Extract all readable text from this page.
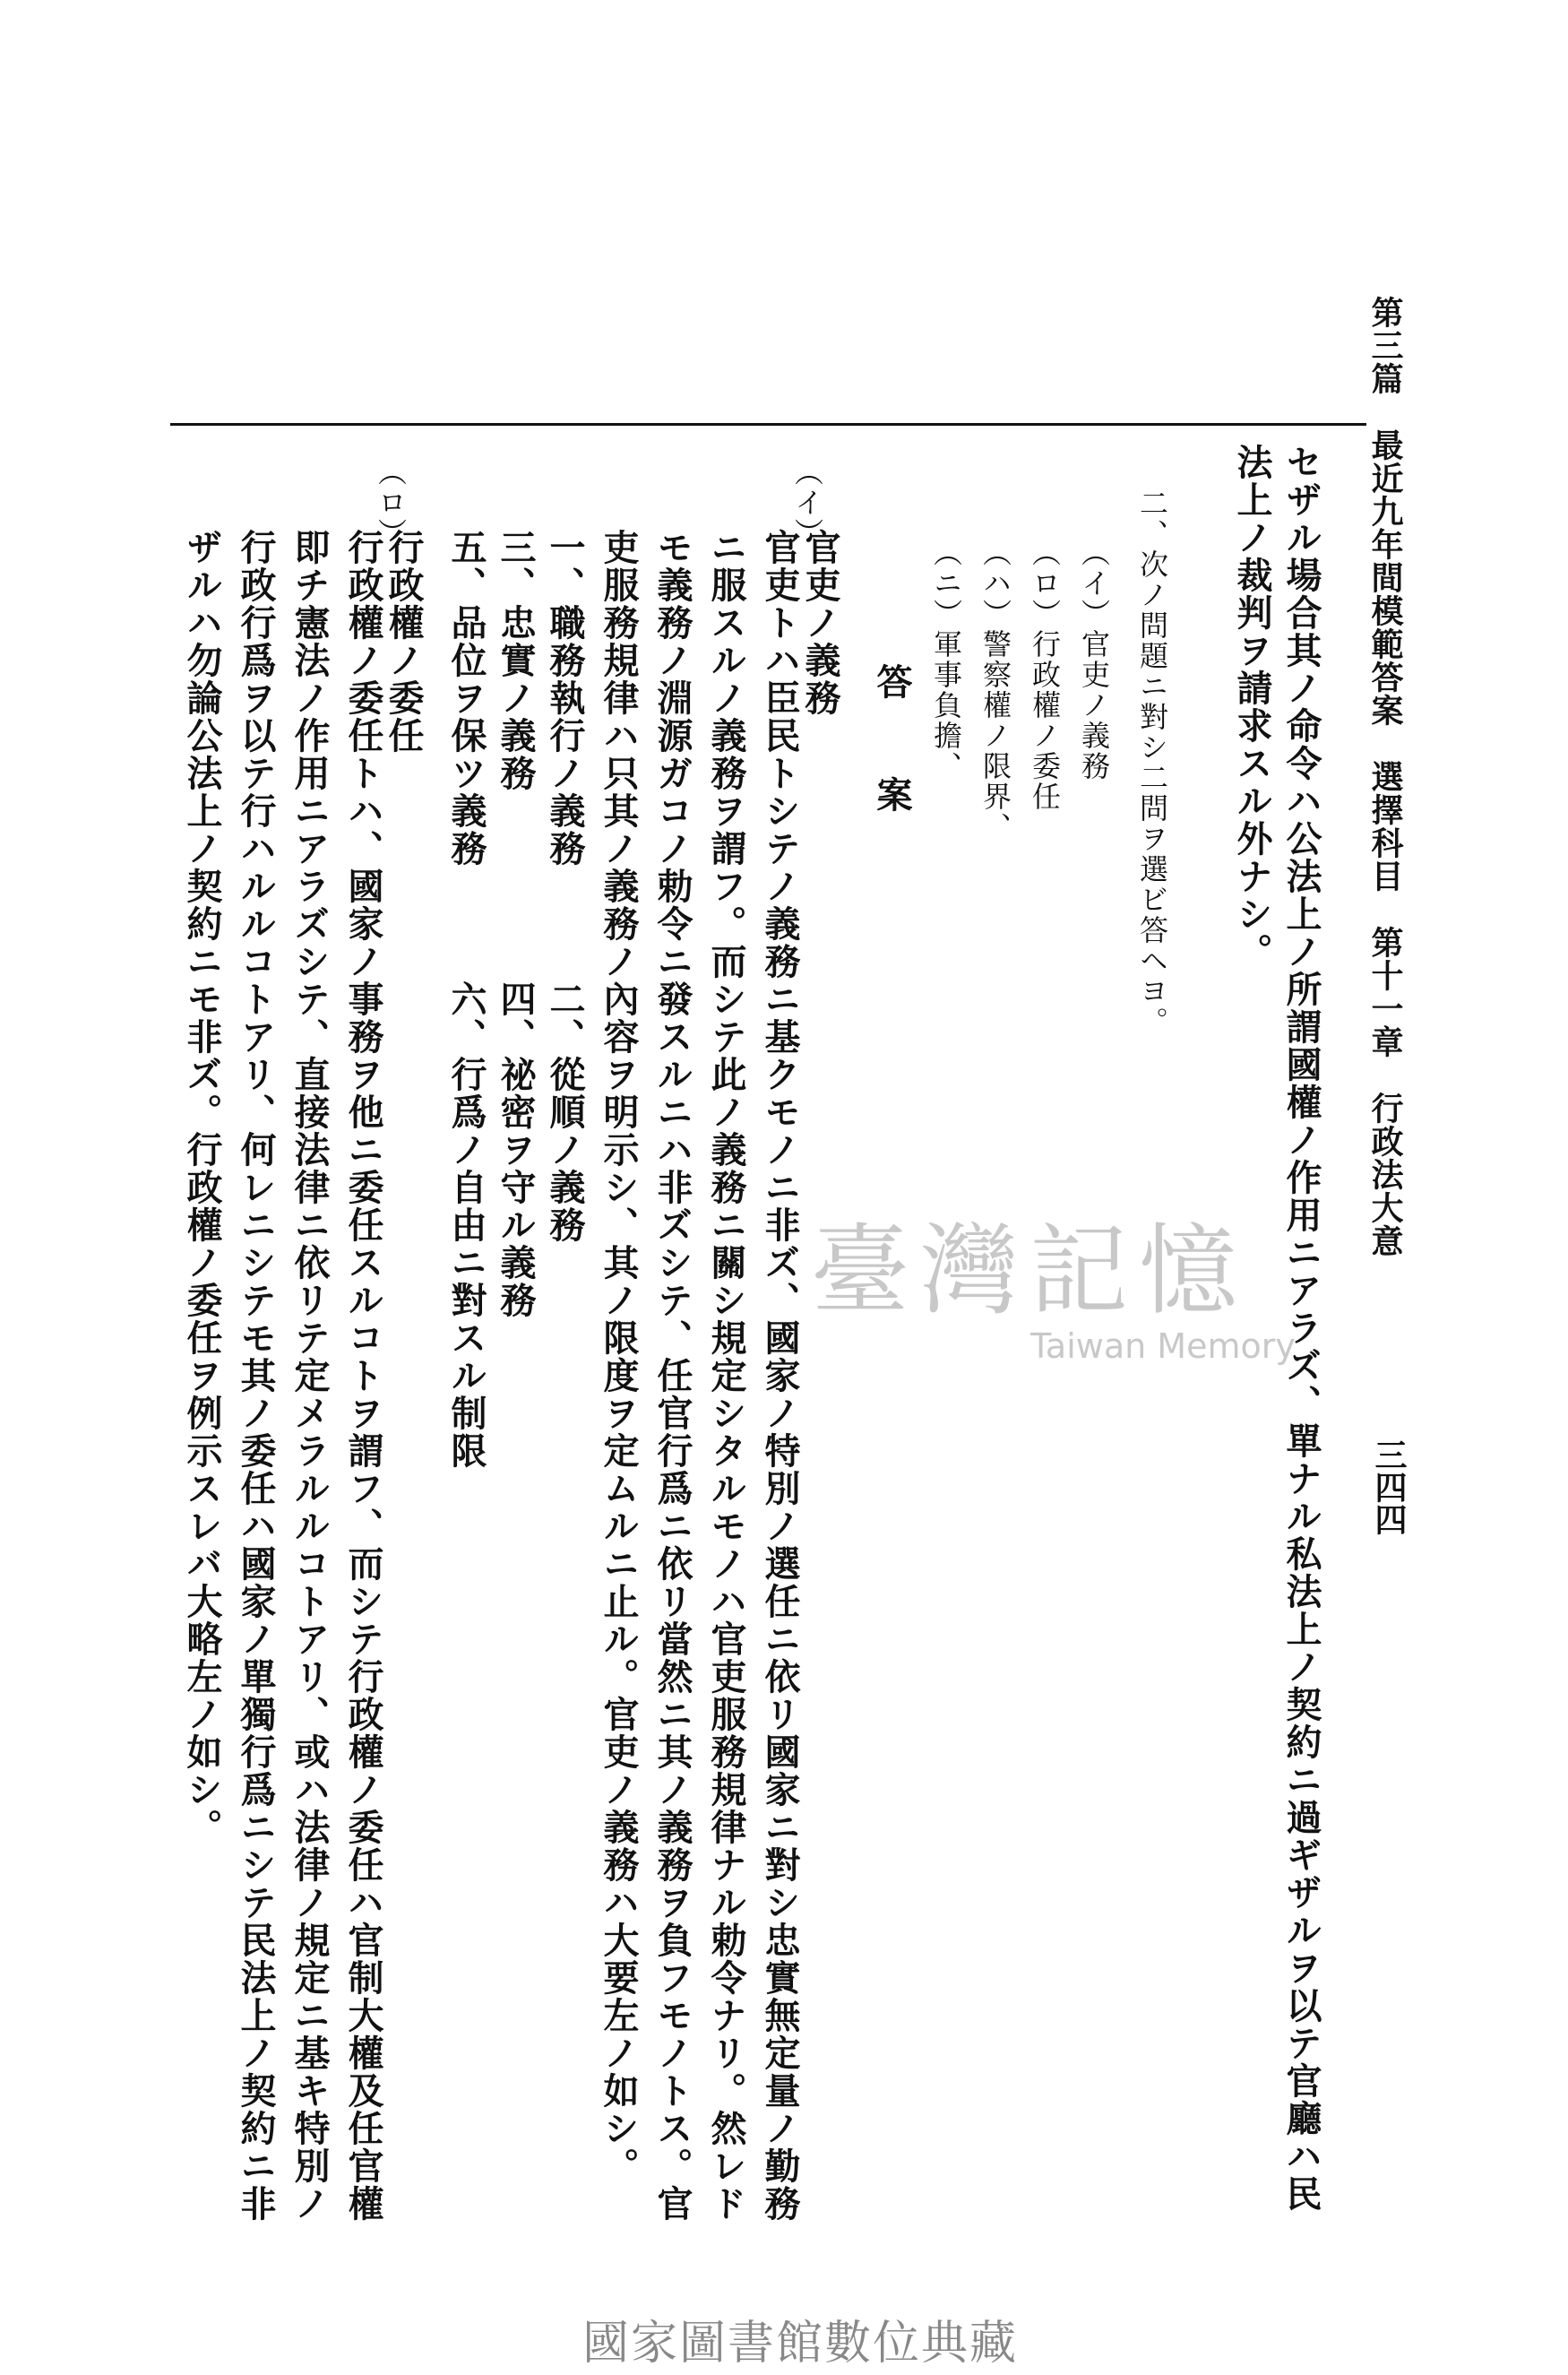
第三篇　最近九年間模範答案　選擇科目　第十一章　行政法大意
三四四
セザル場合其ノ命令ハ公法上ノ所謂國權ノ作用ニアラズ、單ナル私法上ノ契約ニ過ギザルヲ以テ官廳ハ民
法上ノ裁判ヲ請求スル外ナシ。
二、次ノ問題ニ對シ二問ヲ選ビ答ヘヨ。
（イ）官吏ノ義務
（ロ）行政權ノ委任
（ハ）警察權ノ限界、
（ニ）軍事負擔、
答　　案
（イ）
官吏ノ義務
官吏トハ臣民トシテノ義務ニ基クモノニ非ズ、國家ノ特別ノ選任ニ依リ國家ニ對シ忠實無定量ノ勤務
ニ服スルノ義務ヲ謂フ。而シテ此ノ義務ニ關シ規定シタルモノハ官吏服務規律ナル勅令ナリ。然レド
モ義務ノ淵源ガコノ勅令ニ發スルニハ非ズシテ、任官行爲ニ依リ當然ニ其ノ義務ヲ負フモノトス。官
吏服務規律ハ只其ノ義務ノ內容ヲ明示シ、其ノ限度ヲ定ムルニ止ル。官吏ノ義務ハ大要左ノ如シ。
一、職務執行ノ義務　　　二、從順ノ義務
三、忠實ノ義務　　　　　四、祕密ヲ守ル義務
五、品位ヲ保ツ義務　　　六、行爲ノ自由ニ對スル制限
（ロ）
行政權ノ委任
行政權ノ委任トハ、國家ノ事務ヲ他ニ委任スルコトヲ謂フ、而シテ行政權ノ委任ハ官制大權及任官權
即チ憲法ノ作用ニアラズシテ、直接法律ニ依リテ定メラルルコトアリ、或ハ法律ノ規定ニ基キ特別ノ
行政行爲ヲ以テ行ハルルコトアリ、何レニシテモ其ノ委任ハ國家ノ單獨行爲ニシテ民法上ノ契約ニ非
ザルハ勿論公法上ノ契約ニモ非ズ。行政權ノ委任ヲ例示スレバ大略左ノ如シ。	臺灣記憶
Taiwan Memory
國家圖書館數位典藏
